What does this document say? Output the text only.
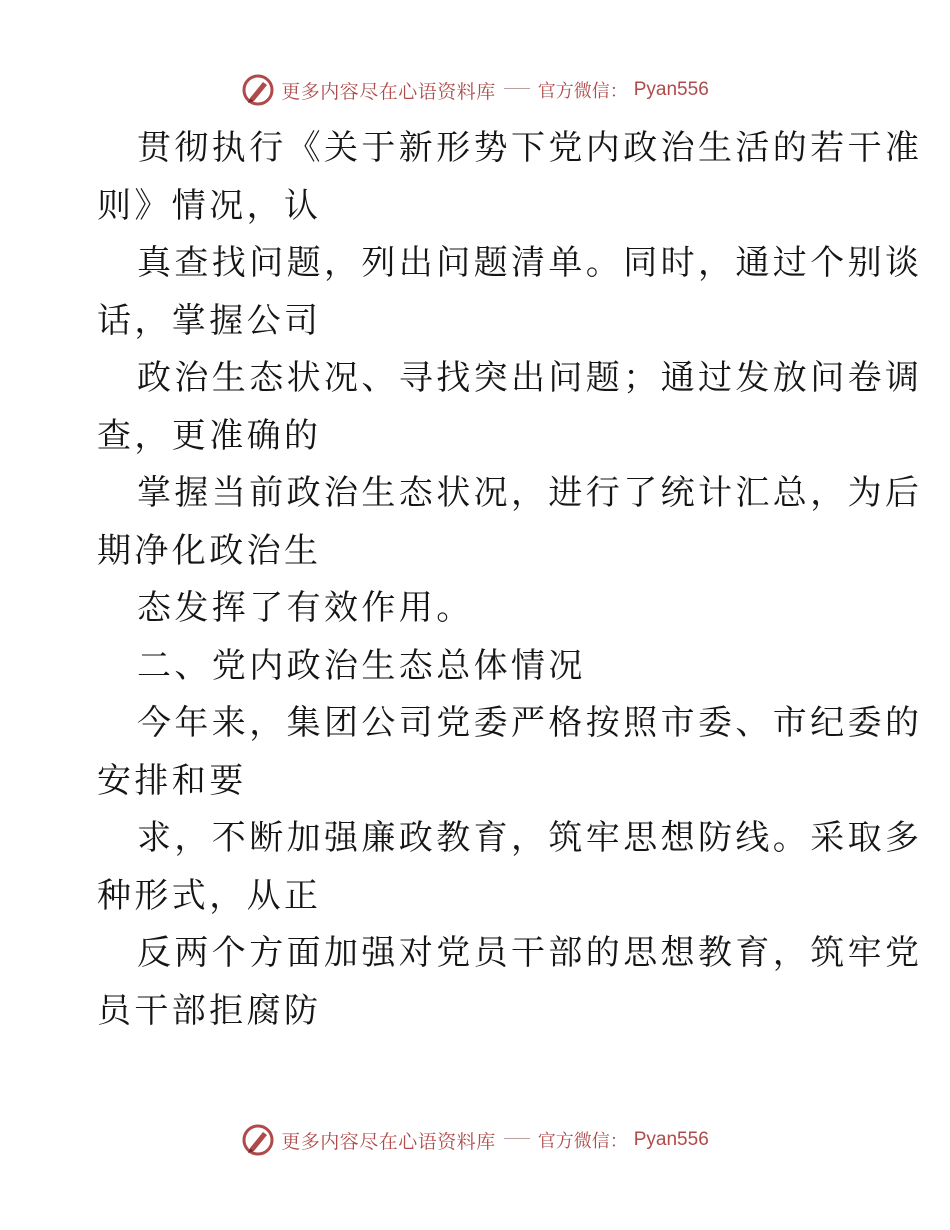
更多内容尽在心语资料库 官方微信： Pyan556
贯彻执行《关于新形势下党内政治生活的若干准
则》情况，认
真查找问题，列出问题清单。同时，通过个别谈
话，掌握公司
政治生态状况、寻找突出问题；通过发放问卷调
查，更准确的
掌握当前政治生态状况，进行了统计汇总，为后
期净化政治生
态发挥了有效作用。
二、党内政治生态总体情况
今年来，集团公司党委严格按照市委、市纪委的
安排和要
求，不断加强廉政教育，筑牢思想防线。采取多
种形式，从正
反两个方面加强对党员干部的思想教育，筑牢党
员干部拒腐防
更多内容尽在心语资料库 官方微信： Pyan556
